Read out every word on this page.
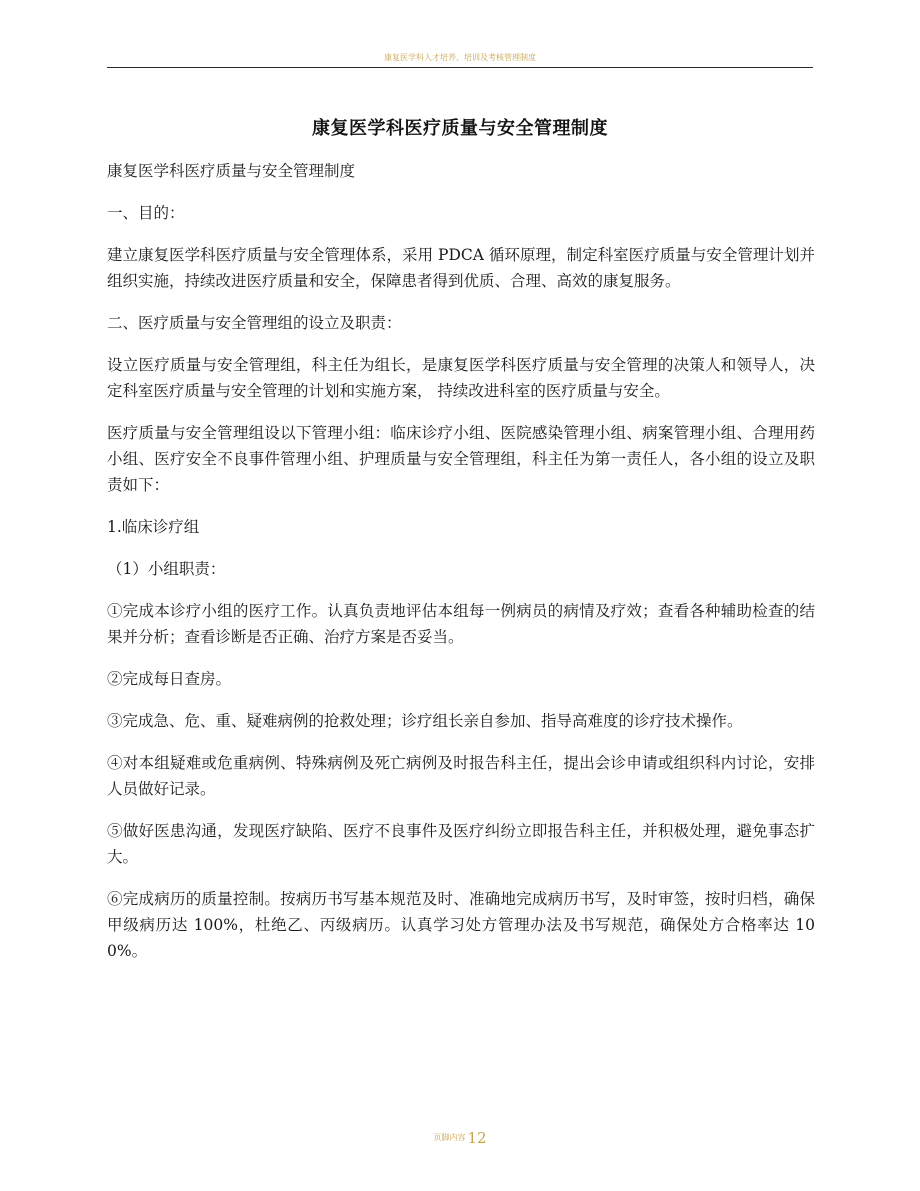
康复医学科人才培养、培训及考核管理制度
康复医学科医疗质量与安全管理制度

康复医学科医疗质量与安全管理制度

一、目的：

建立康复医学科医疗质量与安全管理体系，采用 PDCA 循环原理，制定科室医疗质量与安全管理计划并组织实施，持续改进医疗质量和安全，保障患者得到优质、合理、高效的康复服务。

二、医疗质量与安全管理组的设立及职责：

设立医疗质量与安全管理组，科主任为组长，是康复医学科医疗质量与安全管理的决策人和领导人，决定科室医疗质量与安全管理的计划和实施方案， 持续改进科室的医疗质量与安全。

医疗质量与安全管理组设以下管理小组：临床诊疗小组、医院感染管理小组、病案管理小组、合理用药小组、医疗安全不良事件管理小组、护理质量与安全管理组，科主任为第一责任人，各小组的设立及职责如下：

1.临床诊疗组

（1）小组职责：

①完成本诊疗小组的医疗工作。认真负责地评估本组每一例病员的病情及疗效；查看各种辅助检查的结果并分析；查看诊断是否正确、治疗方案是否妥当。

②完成每日查房。

③完成急、危、重、疑难病例的抢救处理；诊疗组长亲自参加、指导高难度的诊疗技术操作。

④对本组疑难或危重病例、特殊病例及死亡病例及时报告科主任，提出会诊申请或组织科内讨论，安排人员做好记录。

⑤做好医患沟通，发现医疗缺陷、医疗不良事件及医疗纠纷立即报告科主任，并积极处理，避免事态扩大。

⑥完成病历的质量控制。按病历书写基本规范及时、准确地完成病历书写，及时审签，按时归档，确保甲级病历达 100%，杜绝乙、丙级病历。认真学习处方管理办法及书写规范，确保处方合格率达 100%。

页脚内容 12
